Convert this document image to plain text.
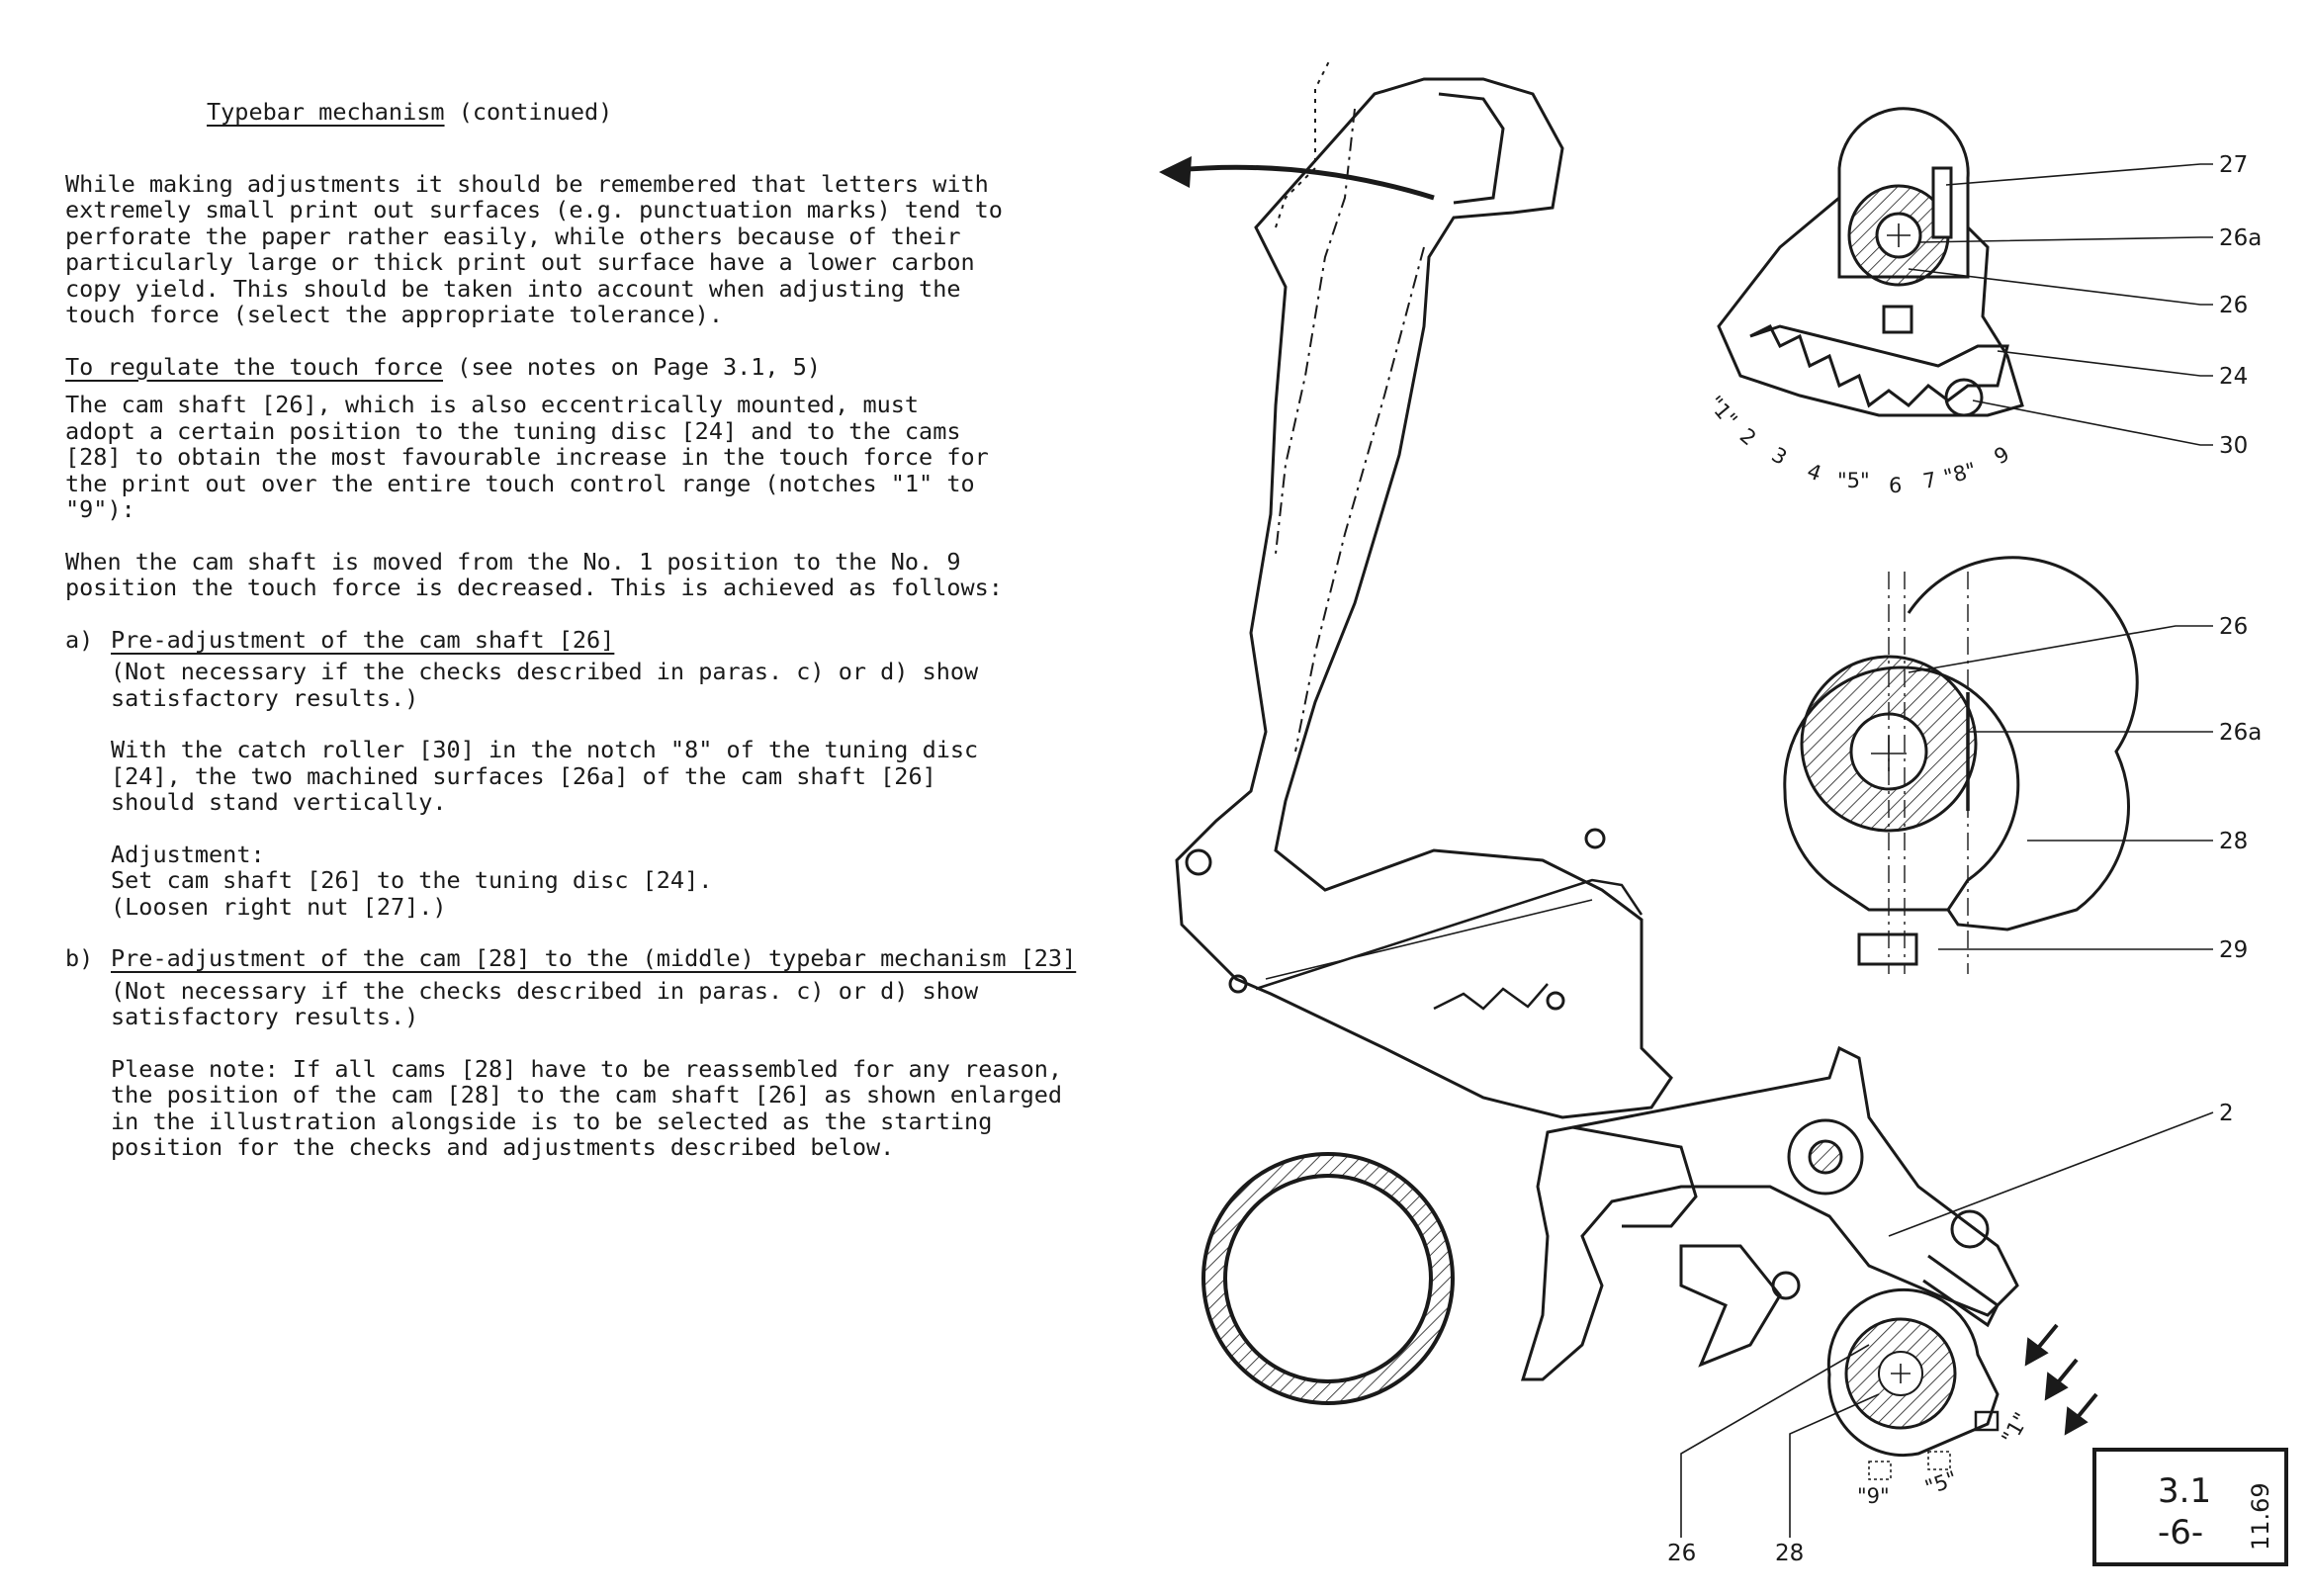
Typebar mechanism (continued)

While making adjustments it should be remembered that letters with
extremely small print out surfaces (e.g. punctuation marks) tend to
perforate the paper rather easily, while others because of their
particularly large or thick print out surface have a lower carbon
copy yield. This should be taken into account when adjusting the
touch force (select the appropriate tolerance).

To regulate the touch force (see notes on Page 3.1, 5)

The cam shaft [26], which is also eccentrically mounted, must
adopt a certain position to the tuning disc [24] and to the cams
[28] to obtain the most favourable increase in the touch force for
the print out over the entire touch control range (notches "1" to
"9"):

When the cam shaft is moved from the No. 1 position to the No. 9
position the touch force is decreased. This is achieved as follows:

a) Pre-adjustment of the cam shaft [26]

(Not necessary if the checks described in paras. c) or d) show
satisfactory results.)

With the catch roller [30] in the notch "8" of the tuning disc
[24], the two machined surfaces [26a] of the cam shaft [26]
should stand vertically.

Adjustment:
Set cam shaft [26] to the tuning disc [24].
(Loosen right nut [27].)

b) Pre-adjustment of the cam [28] to the (middle) typebar mechanism [23]

(Not necessary if the checks described in paras. c) or d) show
satisfactory results.)

Please note: If all cams [28] have to be reassembled for any reason,
the position of the cam [28] to the cam shaft [26] as shown enlarged
in the illustration alongside is to be selected as the starting
position for the checks and adjustments described below.

27
26a
26
24
30
26
26a
28
29
2
26	28
"1"
2
3
4 "5" 6 7 "8"
9
"9" "5"
"1"
3.1
-6- 11.69
